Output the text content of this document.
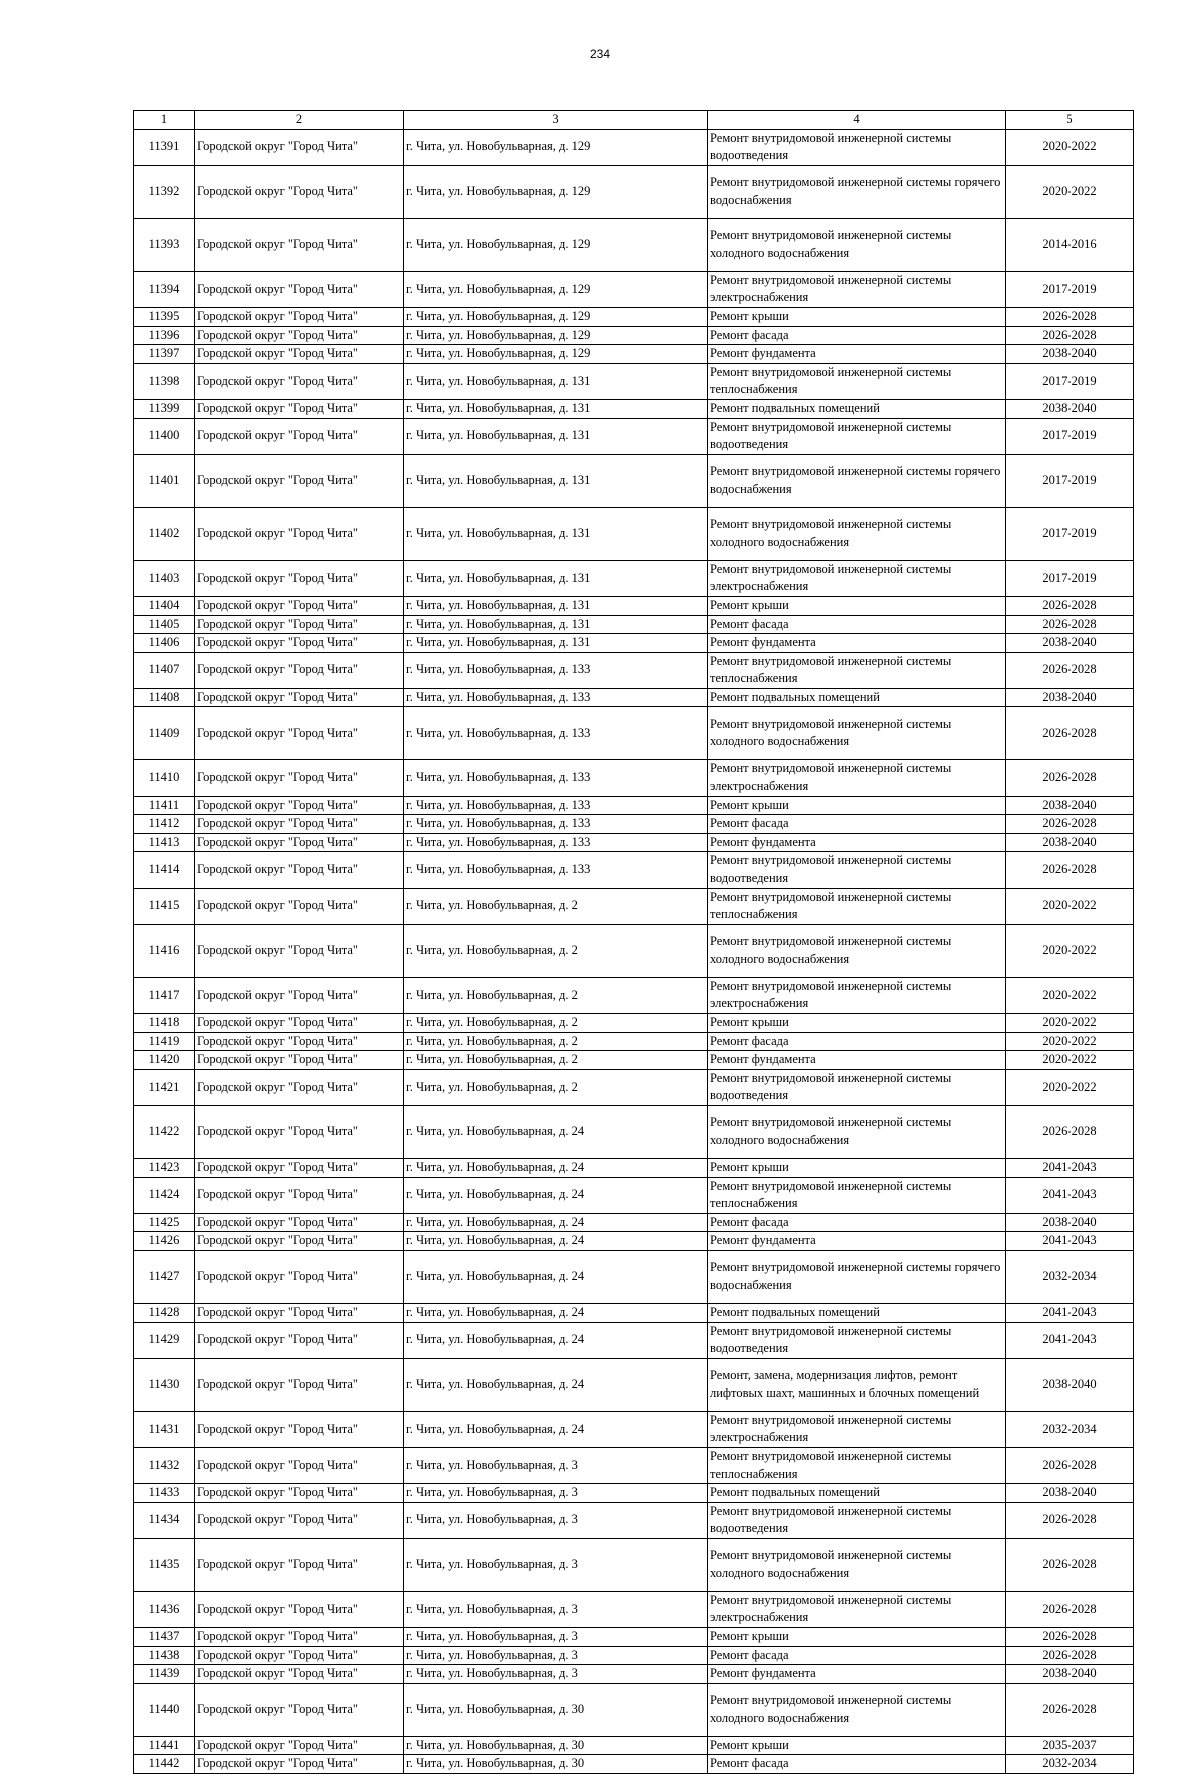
234
1	2	3	4	5
11391	Городской округ "Город Чита"	г. Чита, ул. Новобульварная, д. 129	Ремонт внутридомовой инженерной системы водоотведения	2020-2022
11392	Городской округ "Город Чита"	г. Чита, ул. Новобульварная, д. 129	Ремонт внутридомовой инженерной системы горячего водоснабжения	2020-2022
11393	Городской округ "Город Чита"	г. Чита, ул. Новобульварная, д. 129	Ремонт внутридомовой инженерной системы холодного водоснабжения	2014-2016
11394	Городской округ "Город Чита"	г. Чита, ул. Новобульварная, д. 129	Ремонт внутридомовой инженерной системы электроснабжения	2017-2019
11395	Городской округ "Город Чита"	г. Чита, ул. Новобульварная, д. 129	Ремонт крыши	2026-2028
11396	Городской округ "Город Чита"	г. Чита, ул. Новобульварная, д. 129	Ремонт фасада	2026-2028
11397	Городской округ "Город Чита"	г. Чита, ул. Новобульварная, д. 129	Ремонт фундамента	2038-2040
11398	Городской округ "Город Чита"	г. Чита, ул. Новобульварная, д. 131	Ремонт внутридомовой инженерной системы теплоснабжения	2017-2019
11399	Городской округ "Город Чита"	г. Чита, ул. Новобульварная, д. 131	Ремонт подвальных помещений	2038-2040
11400	Городской округ "Город Чита"	г. Чита, ул. Новобульварная, д. 131	Ремонт внутридомовой инженерной системы водоотведения	2017-2019
11401	Городской округ "Город Чита"	г. Чита, ул. Новобульварная, д. 131	Ремонт внутридомовой инженерной системы горячего водоснабжения	2017-2019
11402	Городской округ "Город Чита"	г. Чита, ул. Новобульварная, д. 131	Ремонт внутридомовой инженерной системы холодного водоснабжения	2017-2019
11403	Городской округ "Город Чита"	г. Чита, ул. Новобульварная, д. 131	Ремонт внутридомовой инженерной системы электроснабжения	2017-2019
11404	Городской округ "Город Чита"	г. Чита, ул. Новобульварная, д. 131	Ремонт крыши	2026-2028
11405	Городской округ "Город Чита"	г. Чита, ул. Новобульварная, д. 131	Ремонт фасада	2026-2028
11406	Городской округ "Город Чита"	г. Чита, ул. Новобульварная, д. 131	Ремонт фундамента	2038-2040
11407	Городской округ "Город Чита"	г. Чита, ул. Новобульварная, д. 133	Ремонт внутридомовой инженерной системы теплоснабжения	2026-2028
11408	Городской округ "Город Чита"	г. Чита, ул. Новобульварная, д. 133	Ремонт подвальных помещений	2038-2040
11409	Городской округ "Город Чита"	г. Чита, ул. Новобульварная, д. 133	Ремонт внутридомовой инженерной системы холодного водоснабжения	2026-2028
11410	Городской округ "Город Чита"	г. Чита, ул. Новобульварная, д. 133	Ремонт внутридомовой инженерной системы электроснабжения	2026-2028
11411	Городской округ "Город Чита"	г. Чита, ул. Новобульварная, д. 133	Ремонт крыши	2038-2040
11412	Городской округ "Город Чита"	г. Чита, ул. Новобульварная, д. 133	Ремонт фасада	2026-2028
11413	Городской округ "Город Чита"	г. Чита, ул. Новобульварная, д. 133	Ремонт фундамента	2038-2040
11414	Городской округ "Город Чита"	г. Чита, ул. Новобульварная, д. 133	Ремонт внутридомовой инженерной системы водоотведения	2026-2028
11415	Городской округ "Город Чита"	г. Чита, ул. Новобульварная, д. 2	Ремонт внутридомовой инженерной системы теплоснабжения	2020-2022
11416	Городской округ "Город Чита"	г. Чита, ул. Новобульварная, д. 2	Ремонт внутридомовой инженерной системы холодного водоснабжения	2020-2022
11417	Городской округ "Город Чита"	г. Чита, ул. Новобульварная, д. 2	Ремонт внутридомовой инженерной системы электроснабжения	2020-2022
11418	Городской округ "Город Чита"	г. Чита, ул. Новобульварная, д. 2	Ремонт крыши	2020-2022
11419	Городской округ "Город Чита"	г. Чита, ул. Новобульварная, д. 2	Ремонт фасада	2020-2022
11420	Городской округ "Город Чита"	г. Чита, ул. Новобульварная, д. 2	Ремонт фундамента	2020-2022
11421	Городской округ "Город Чита"	г. Чита, ул. Новобульварная, д. 2	Ремонт внутридомовой инженерной системы водоотведения	2020-2022
11422	Городской округ "Город Чита"	г. Чита, ул. Новобульварная, д. 24	Ремонт внутридомовой инженерной системы холодного водоснабжения	2026-2028
11423	Городской округ "Город Чита"	г. Чита, ул. Новобульварная, д. 24	Ремонт крыши	2041-2043
11424	Городской округ "Город Чита"	г. Чита, ул. Новобульварная, д. 24	Ремонт внутридомовой инженерной системы теплоснабжения	2041-2043
11425	Городской округ "Город Чита"	г. Чита, ул. Новобульварная, д. 24	Ремонт фасада	2038-2040
11426	Городской округ "Город Чита"	г. Чита, ул. Новобульварная, д. 24	Ремонт фундамента	2041-2043
11427	Городской округ "Город Чита"	г. Чита, ул. Новобульварная, д. 24	Ремонт внутридомовой инженерной системы горячего водоснабжения	2032-2034
11428	Городской округ "Город Чита"	г. Чита, ул. Новобульварная, д. 24	Ремонт подвальных помещений	2041-2043
11429	Городской округ "Город Чита"	г. Чита, ул. Новобульварная, д. 24	Ремонт внутридомовой инженерной системы водоотведения	2041-2043
11430	Городской округ "Город Чита"	г. Чита, ул. Новобульварная, д. 24	Ремонт, замена, модернизация лифтов, ремонт лифтовых шахт, машинных и блочных помещений	2038-2040
11431	Городской округ "Город Чита"	г. Чита, ул. Новобульварная, д. 24	Ремонт внутридомовой инженерной системы электроснабжения	2032-2034
11432	Городской округ "Город Чита"	г. Чита, ул. Новобульварная, д. 3	Ремонт внутридомовой инженерной системы теплоснабжения	2026-2028
11433	Городской округ "Город Чита"	г. Чита, ул. Новобульварная, д. 3	Ремонт подвальных помещений	2038-2040
11434	Городской округ "Город Чита"	г. Чита, ул. Новобульварная, д. 3	Ремонт внутридомовой инженерной системы водоотведения	2026-2028
11435	Городской округ "Город Чита"	г. Чита, ул. Новобульварная, д. 3	Ремонт внутридомовой инженерной системы холодного водоснабжения	2026-2028
11436	Городской округ "Город Чита"	г. Чита, ул. Новобульварная, д. 3	Ремонт внутридомовой инженерной системы электроснабжения	2026-2028
11437	Городской округ "Город Чита"	г. Чита, ул. Новобульварная, д. 3	Ремонт крыши	2026-2028
11438	Городской округ "Город Чита"	г. Чита, ул. Новобульварная, д. 3	Ремонт фасада	2026-2028
11439	Городской округ "Город Чита"	г. Чита, ул. Новобульварная, д. 3	Ремонт фундамента	2038-2040
11440	Городской округ "Город Чита"	г. Чита, ул. Новобульварная, д. 30	Ремонт внутридомовой инженерной системы холодного водоснабжения	2026-2028
11441	Городской округ "Город Чита"	г. Чита, ул. Новобульварная, д. 30	Ремонт крыши	2035-2037
11442	Городской округ "Город Чита"	г. Чита, ул. Новобульварная, д. 30	Ремонт фасада	2032-2034
